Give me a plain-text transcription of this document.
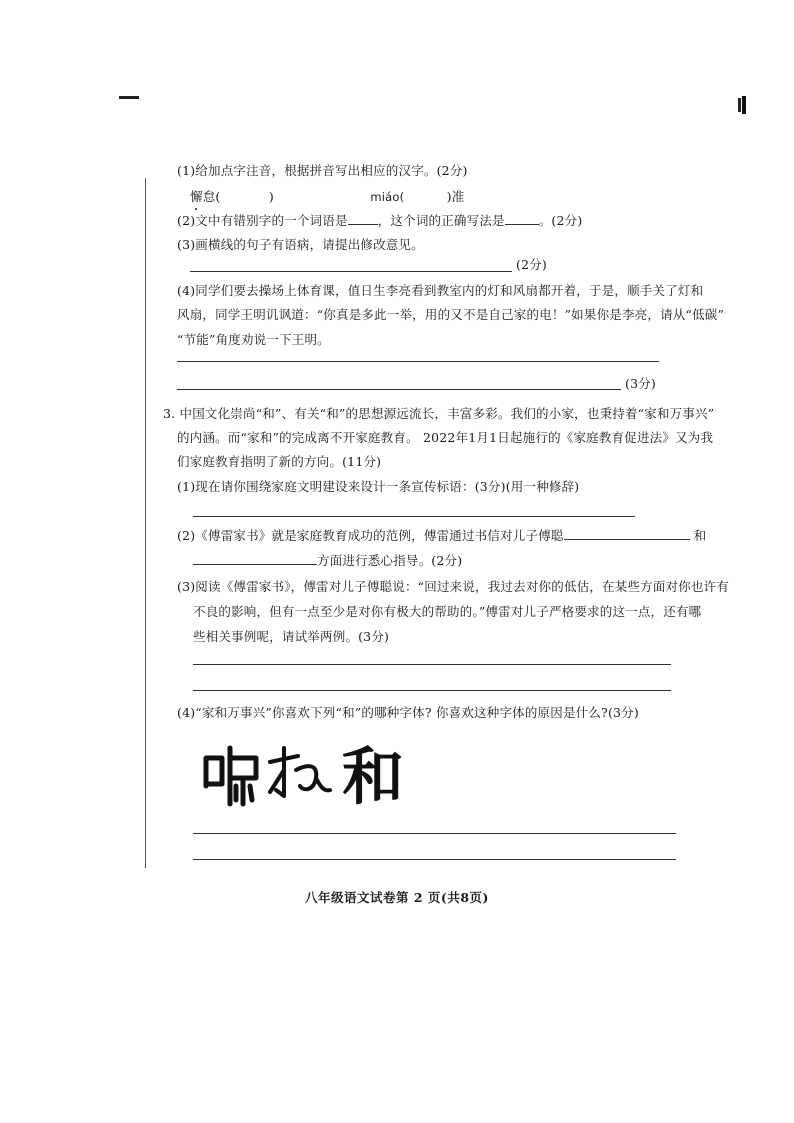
(1)给加点字注音，根据拼音写出相应的汉字。(2分)
懈怠(	)	miáo(	)准
(2)文中有错别字的一个词语是 ，这个词的正确写法是	。(2分)
(3)画横线的句子有语病，请提出修改意见。
(2分)
(4)同学们要去操场上体育课，值日生李亮看到教室内的灯和风扇都开着，于是，顺手关了灯和
风扇，同学王明讥讽道：“你真是多此一举，用的又不是自己家的电！”如果你是李亮，请从“低碳”
“节能”角度劝说一下王明。
(3分)
3. 中国文化崇尚“和”、有关“和”的思想源远流长，丰富多彩。我们的小家，也秉持着“家和万事兴”
的内涵。而“家和”的完成离不开家庭教育。 2022年1月1日起施行的《家庭教育促进法》又为我
们家庭教育指明了新的方向。(11分)
(1)现在请你围绕家庭文明建设来设计一条宣传标语：(3分)(用一种修辞)
(2)《傅雷家书》就是家庭教育成功的范例，傅雷通过书信对儿子傅聪	和
方面进行悉心指导。(2分)
(3)阅读《傅雷家书》，傅雷对儿子傅聪说：“回过来说，我过去对你的低估，在某些方面对你也许有
不良的影响，但有一点至少是对你有极大的帮助的。”傅雷对儿子严格要求的这一点，还有哪
些相关事例呢，请试举两例。(3分)
(4)“家和万事兴”你喜欢下列“和”的哪种字体? 你喜欢这种字体的原因是什么?(3分)
和
八年级语文试卷第 2 页(共8页)
